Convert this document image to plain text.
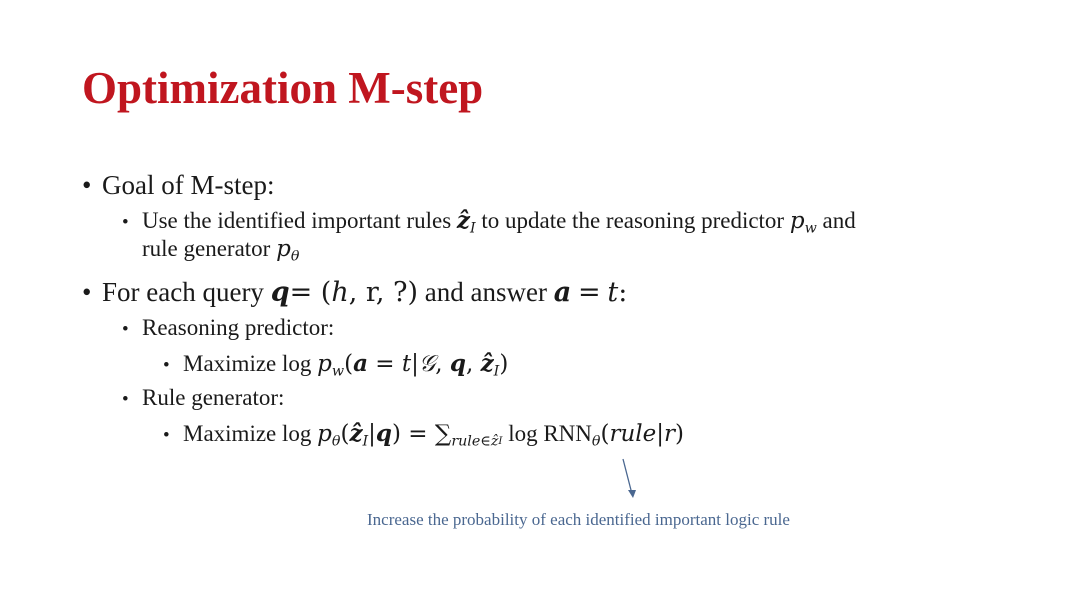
Optimization M-step
• Goal of M-step:
• Use the identified important rules ẑ$_I$ to update the reasoning predictor $p_w$ and
rule generator $p_\theta$
• For each query q= (h, r, ?) and answer a = t:
• Reasoning predictor:
• Maximize $\log p_w(a$ = t|𝒢, q, ẑ$_I$)
• Rule generator:
• Maximize $\log p_\theta(ẑ_I|q) = \sum_{rule\in ẑI}$ $\log RNN_\theta(rule|r)$
Increase the probability of each identified important logic rule
